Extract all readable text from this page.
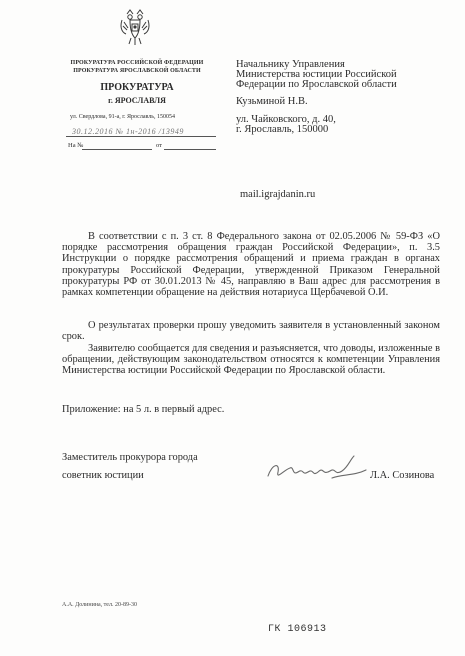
ПРОКУРАТУРА РОССИЙСКОЙ ФЕДЕРАЦИИ
ПРОКУРАТУРА ЯРОСЛАВСКОЙ ОБЛАСТИ
ПРОКУРАТУРА
г. ЯРОСЛАВЛЯ
ул. Свердлова, 91-а, г. Ярославль, 150054
30.12.2016 № 1н-2016 /13949
На №	от
Начальнику Управления
Министерства юстиции Российской
Федерации по Ярославской области
Кузьминой Н.В.
ул. Чайковского, д. 40,
г. Ярославль, 150000
mail.igrajdanin.ru
В соответствии с п. 3 ст. 8 Федерального закона от 02.05.2006 № 59-ФЗ «О порядке рассмотрения обращения граждан Российской Федерации», п. 3.5 Инструкции о порядке рассмотрения обращений и приема граждан в органах прокуратуры Российской Федерации, утвержденной Приказом Генеральной прокуратуры РФ от 30.01.2013 № 45, направляю в Ваш адрес для рассмотрения в рамках компетенции обращение на действия нотариуса Щербачевой О.И.
О результатах проверки прошу уведомить заявителя в установленный законом срок.
Заявителю сообщается для сведения и разъясняется, что доводы, изложенные в обращении, действующим законодательством относятся к компетенции Управления Министерства юстиции Российской Федерации по Ярославской области.
Приложение: на 5 л. в первый адрес.
Заместитель прокурора города
советник юстиции	Л.А. Созинова
А.А. Долинина, тел. 20-89-30
ГК 106913
